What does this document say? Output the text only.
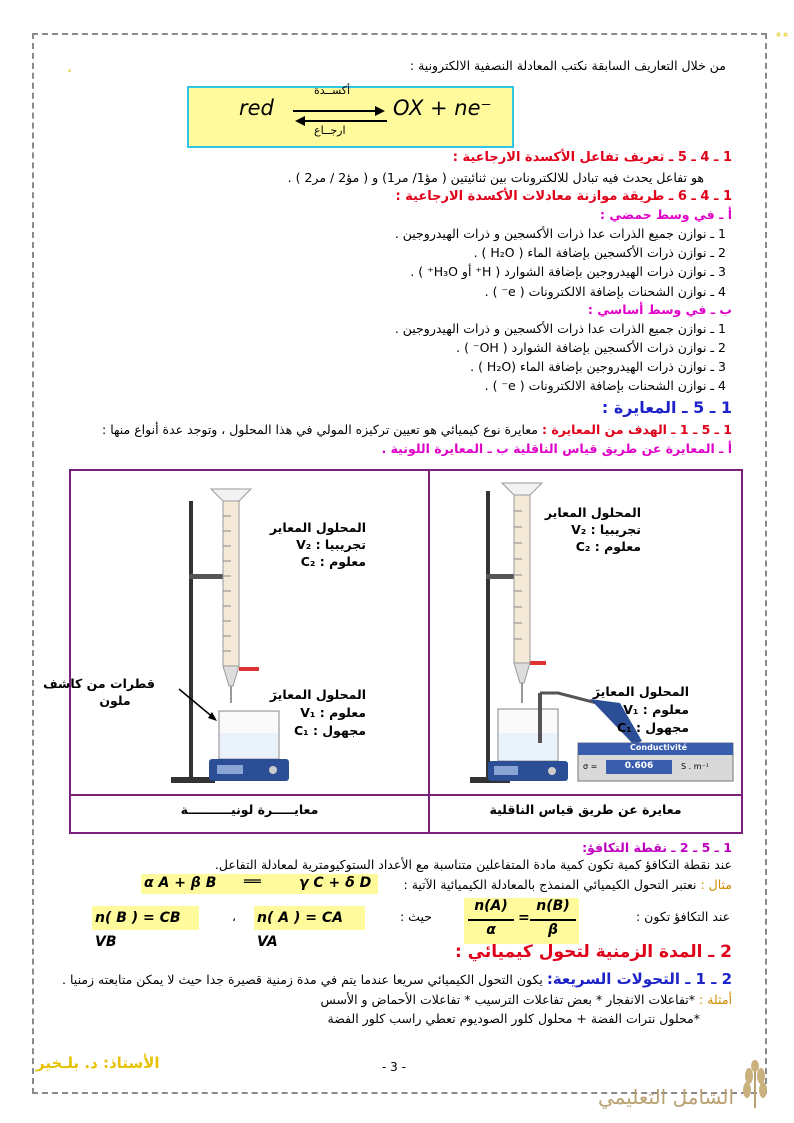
˚˚
˚
من خلال التعاريف السابقة نكتب المعادلة النصفية الالكترونية :
red	OX + ne⁻
أكســدة
ارجــاع
1 ـ 4 ـ 5 ـ تعريف تفاعل الأكسدة الارجاعية :
هو تفاعل يحدث فيه تبادل للالكترونات بين ثنائيتين ( مؤ1/ مر1) و ( مؤ2 / مر2 ) .
1 ـ 4 ـ 6 ـ طريقة موازنة معادلات الأكسدة الارجاعية :
أ ـ في وسط حمضي :
1 ـ نوازن جميع الذرات عدا ذرات الأكسجين و ذرات الهيدروجين .
2 ـ نوازن ذرات الأكسجين بإضافة الماء ( H₂O ) .
3 ـ نوازن ذرات الهيدروجين بإضافة الشوارد ( H⁺ أو H₃O⁺ ) .
4 ـ نوازن الشحنات بإضافة الالكترونات ( e⁻ ) .
ب ـ في وسط أساسي :
1 ـ نوازن جميع الذرات عدا ذرات الأكسجين و ذرات الهيدروجين .
2 ـ نوازن ذرات الأكسجين بإضافة الشوارد ( OH⁻ ) .
3 ـ نوازن ذرات الهيدروجين بإضافة الماء (H₂O ) .
4 ـ نوازن الشحنات بإضافة الالكترونات ( e⁻ ) .
1 ـ 5 ـ المعايرة :
1 ـ 5 ـ 1 ـ الهدف من المعايرة : معايرة نوع كيميائي هو تعيين تركيزه المولي في هذا المحلول ، وتوجد عدة أنواع منها :
أ ـ المعايرة عن طريق قياس الناقلية ب ـ المعايرة اللونية .
المحلول المعاير
تجريبيا : V₂
معلوم : C₂
المحلول المعايرَ
معلوم : V₁
مجهول : C₁
قطرات من كاشف
ملون
معايـــــرة لونيــــــــــة
Conductivité
σ =	0.606	S . m⁻¹
المحلول المعاير
تجريبيا : V₂
معلوم : C₂
المحلول المعايرَ
معلوم : V₁
مجهول : C₁
معايرة عن طريق قياس الناقلية
1 ـ 5 ـ 2 ـ نقطة التكافؤ:
عند نقطة التكافؤ كمية تكون كمية مادة المتفاعلين متناسبة مع الأعداد الستوكيومترية لمعادلة التفاعل.
مثال : نعتبر التحول الكيميائي المنمذج بالمعادلة الكيميائية الآتية :
α A + β B ══	γ C + δ D
عند التكافؤ تكون :
n(A)
α
=
n(B)
β
حيث :
n( A ) = CA VA
،
n( B ) = CB VB	2 ـ المدة الزمنية لتحول كيميائي :
2 ـ 1 ـ التحولات السريعة: يكون التحول الكيميائي سريعا عندما يتم في مدة زمنية قصيرة جدا حيث لا يمكن متابعته زمنيا .
أمثلة : *تفاعلات الانفجار * بعض تفاعلات الترسيب * تفاعلات الأحماض و الأسس
*محلول نترات الفضة + محلول كلور الصوديوم تعطي راسب كلور الفضة
الأستاذ: د. بلـخير	- 3 -
الشامل التعليمي
